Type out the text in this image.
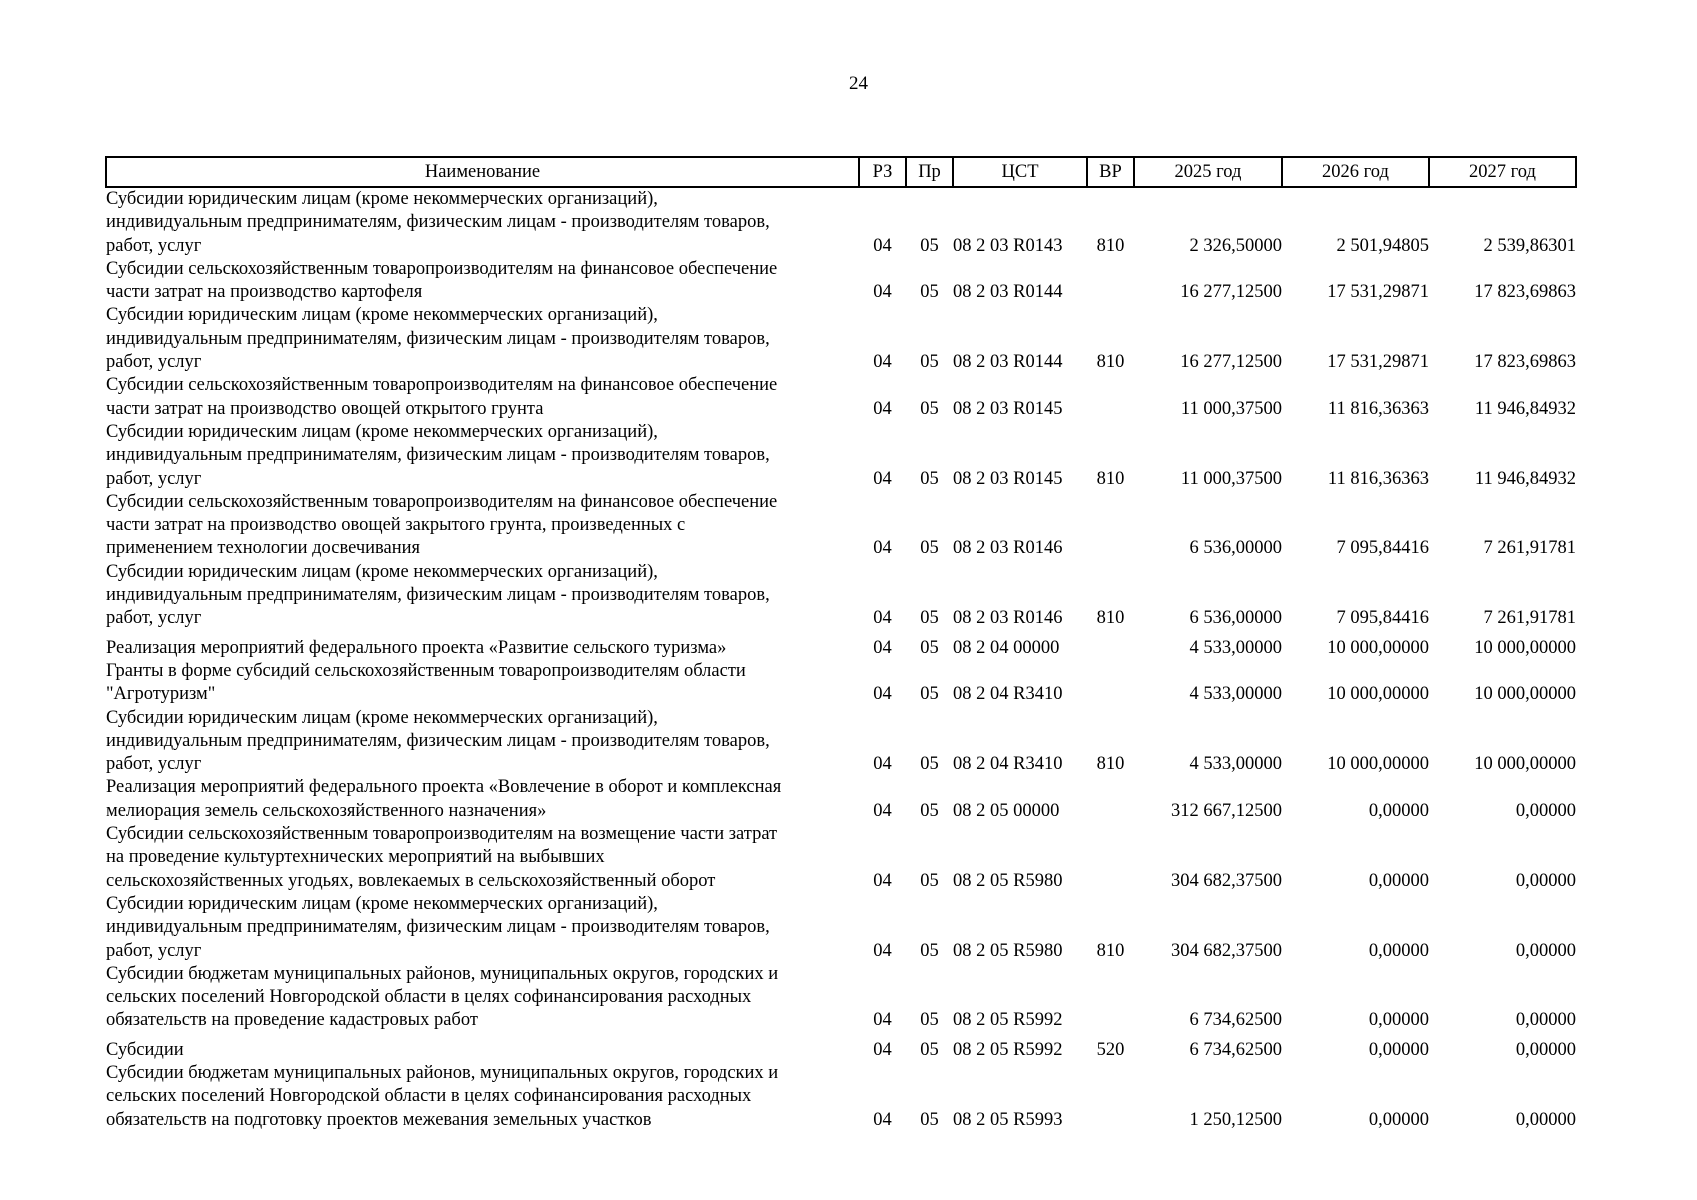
24
Наименование	РЗ	Пр	ЦСТ	ВР	2025 год	2026 год	2027 год
Субсидии юридическим лицам (кроме некоммерческих организаций),
индивидуальным предпринимателям, физическим лицам - производителям товаров,
работ, услуг	04	05	08 2 03 R0143	810	2 326,50000	2 501,94805	2 539,86301
Субсидии сельскохозяйственным товаропроизводителям на финансовое обеспечение
части затрат на производство картофеля	04	05	08 2 03 R0144		16 277,12500	17 531,29871	17 823,69863
Субсидии юридическим лицам (кроме некоммерческих организаций),
индивидуальным предпринимателям, физическим лицам - производителям товаров,
работ, услуг	04	05	08 2 03 R0144	810	16 277,12500	17 531,29871	17 823,69863
Субсидии сельскохозяйственным товаропроизводителям на финансовое обеспечение
части затрат на производство овощей открытого грунта	04	05	08 2 03 R0145		11 000,37500	11 816,36363	11 946,84932
Субсидии юридическим лицам (кроме некоммерческих организаций),
индивидуальным предпринимателям, физическим лицам - производителям товаров,
работ, услуг	04	05	08 2 03 R0145	810	11 000,37500	11 816,36363	11 946,84932
Субсидии сельскохозяйственным товаропроизводителям на финансовое обеспечение
части затрат на производство овощей закрытого грунта, произведенных с
применением технологии досвечивания	04	05	08 2 03 R0146		6 536,00000	7 095,84416	7 261,91781
Субсидии юридическим лицам (кроме некоммерческих организаций),
индивидуальным предпринимателям, физическим лицам - производителям товаров,
работ, услуг	04	05	08 2 03 R0146	810	6 536,00000	7 095,84416	7 261,91781
Реализация мероприятий федерального проекта «Развитие сельского туризма»	04	05	08 2 04 00000		4 533,00000	10 000,00000	10 000,00000
Гранты в форме субсидий сельскохозяйственным товаропроизводителям области
"Агротуризм"	04	05	08 2 04 R3410		4 533,00000	10 000,00000	10 000,00000
Субсидии юридическим лицам (кроме некоммерческих организаций),
индивидуальным предпринимателям, физическим лицам - производителям товаров,
работ, услуг	04	05	08 2 04 R3410	810	4 533,00000	10 000,00000	10 000,00000
Реализация мероприятий федерального проекта «Вовлечение в оборот и комплексная
мелиорация земель сельскохозяйственного назначения»	04	05	08 2 05 00000		312 667,12500	0,00000	0,00000
Субсидии сельскохозяйственным товаропроизводителям на возмещение части затрат
на проведение культуртехнических мероприятий на выбывших
сельскохозяйственных угодьях, вовлекаемых в сельскохозяйственный оборот	04	05	08 2 05 R5980		304 682,37500	0,00000	0,00000
Субсидии юридическим лицам (кроме некоммерческих организаций),
индивидуальным предпринимателям, физическим лицам - производителям товаров,
работ, услуг	04	05	08 2 05 R5980	810	304 682,37500	0,00000	0,00000
Субсидии бюджетам муниципальных районов, муниципальных округов, городских и
сельских поселений Новгородской области в целях софинансирования расходных
обязательств на проведение кадастровых работ	04	05	08 2 05 R5992		6 734,62500	0,00000	0,00000
Субсидии	04	05	08 2 05 R5992	520	6 734,62500	0,00000	0,00000
Субсидии бюджетам муниципальных районов, муниципальных округов, городских и
сельских поселений Новгородской области в целях софинансирования расходных
обязательств на подготовку проектов межевания земельных участков	04	05	08 2 05 R5993		1 250,12500	0,00000	0,00000
